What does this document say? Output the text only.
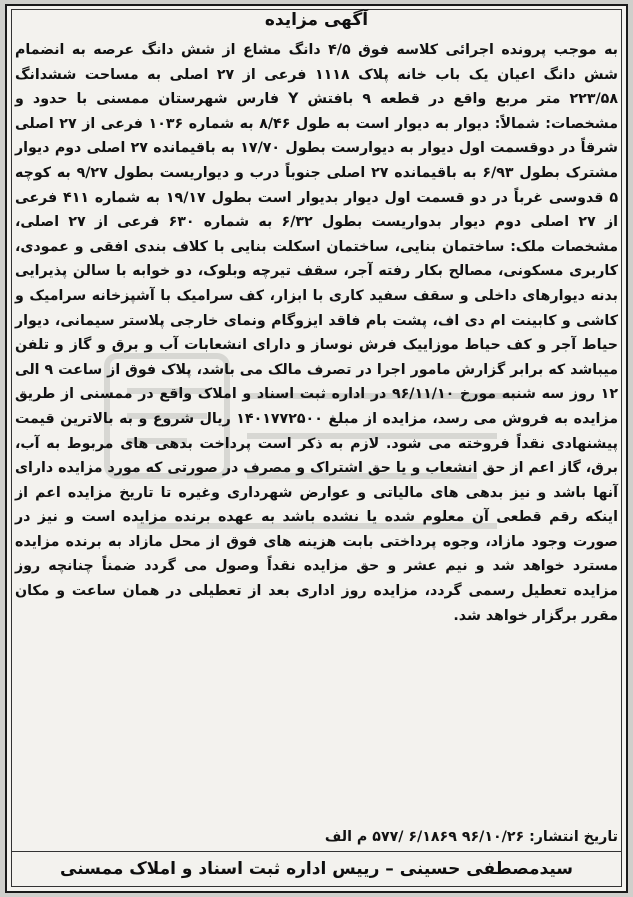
آگهی مزایده

به موجب پرونده اجرائی کلاسه فوق ۴/۵ دانگ مشاع از شش دانگ عرصه به انضمام شش دانگ اعیان یک باب خانه پلاک ۱۱۱۸ فرعی از ۲۷ اصلی به مساحت ششدانگ ۲۲۳/۵۸ متر مربع واقع در قطعه ۹ بافتش Y فارس شهرستان ممسنی با حدود و مشخصات: شمالاً: دیوار به دیوار است به طول ۸/۴۶ به شماره ۱۰۳۶ فرعی از ۲۷ اصلی شرقاً در دوقسمت اول دیوار به دیوارست بطول ۱۷/۷۰ به باقیمانده ۲۷ اصلی دوم دیوار مشترک بطول ۶/۹۳ به باقیمانده ۲۷ اصلی جنوباً درب و دیواریست بطول ۹/۲۷ به کوچه ۵ قدوسی غرباً در دو قسمت اول دیوار بدیوار است بطول ۱۹/۱۷ به شماره ۴۱۱ فرعی از ۲۷ اصلی دوم دیوار بدواریست بطول ۶/۳۲ به شماره ۶۳۰ فرعی از ۲۷ اصلی، مشخصات ملک: ساختمان بنایی، ساختمان اسکلت بنایی با کلاف بندی افقی و عمودی، کاربری مسکونی، مصالح بکار رفته آجر، سقف تیرچه وبلوک، دو خوابه با سالن پذیرایی بدنه دیوارهای داخلی و سقف سفید کاری با ابزار، کف سرامیک با آشپزخانه سرامیک و کاشی و کابینت ام دی اف، پشت بام فاقد ایزوگام ونمای خارجی پلاستر سیمانی، دیوار حیاط آجر و کف حیاط موزاییک فرش نوساز و دارای انشعابات آب و برق و گاز و تلفن میباشد که برابر گزارش مامور اجرا در تصرف مالک می باشد، پلاک فوق از ساعت ۹ الی ۱۲ روز سه شنبه مورخ ۹۶/۱۱/۱۰ در اداره ثبت اسناد و املاک واقع در ممسنی از طریق مزایده به فروش می رسد، مزایده از مبلغ ۱۴۰۱۷۷۲۵۰۰ ریال شروع و به بالاترین قیمت پیشنهادی نقداً فروخته می شود. لازم به ذکر است پرداخت بدهی های مربوط به آب، برق، گاز اعم از حق انشعاب و یا حق اشتراک و مصرف در صورتی که مورد مزایده دارای آنها باشد و نیز بدهی های مالیاتی و عوارض شهرداری وغیره تا تاریخ مزایده اعم از اینکه رقم قطعی آن معلوم شده یا نشده باشد به عهده برنده مزایده است و نیز در صورت وجود مازاد، وجوه پرداختی بابت هزینه های فوق از محل مازاد به برنده مزایده مسترد خواهد شد و نیم عشر و حق مزایده نقداً وصول می گردد ضمناً چنانچه روز مزایده تعطیل رسمی گردد، مزایده روز اداری بعد از تعطیلی در همان ساعت و مکان مقرر برگزار خواهد شد.

تاریخ انتشار: ۹۶/۱۰/۲۶ ۶/۱۸۶۹ /۵۷۷ م الف
سیدمصطفی حسینی – رییس اداره ثبت اسناد و املاک ممسنی
